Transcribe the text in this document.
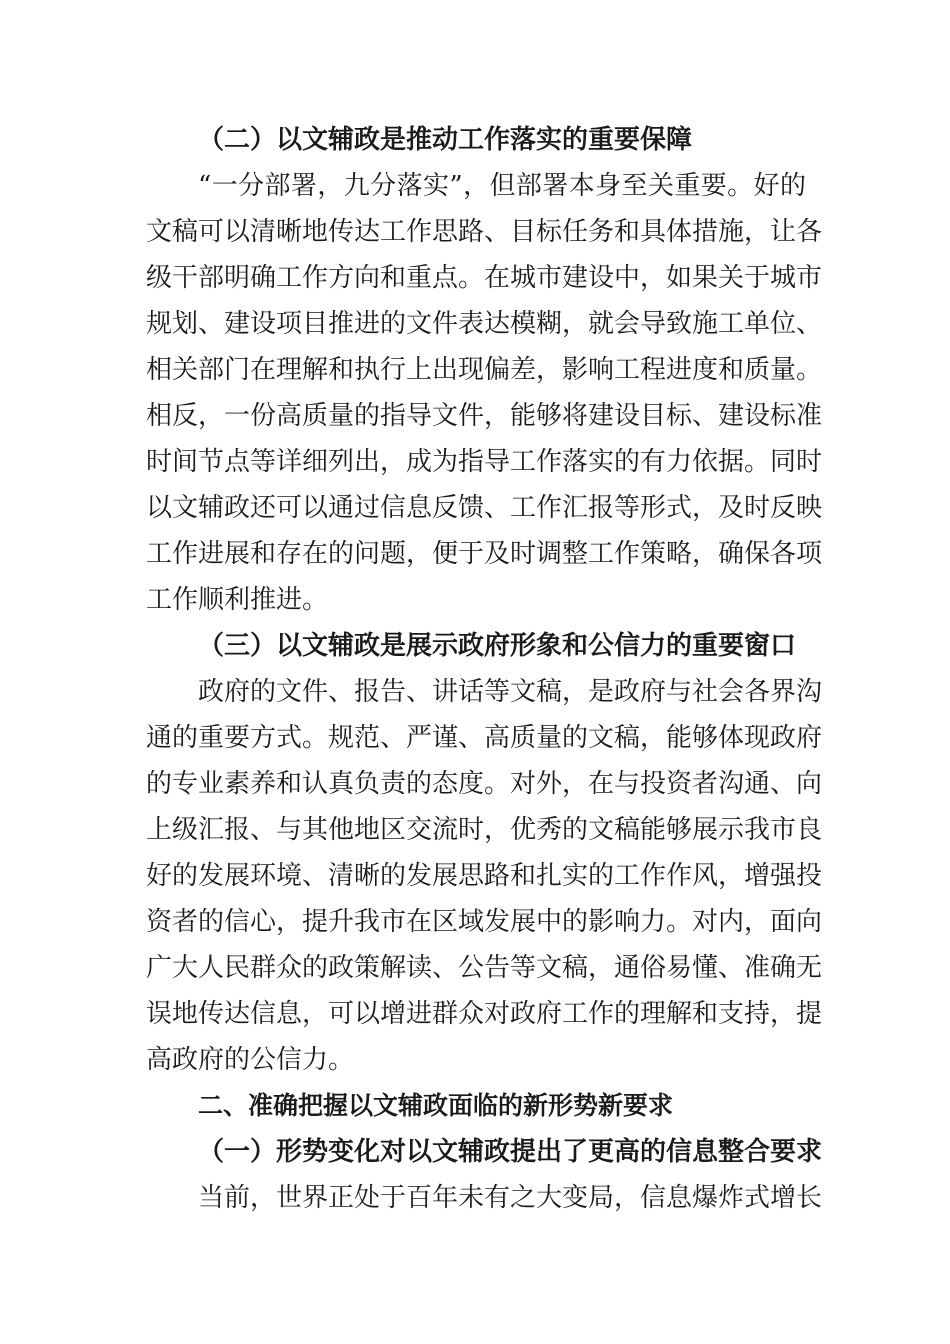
（二）以文辅政是推动工作落实的重要保障
“一分部署，九分落实”，但部署本身至关重要。好的
文稿可以清晰地传达工作思路、目标任务和具体措施，让各
级干部明确工作方向和重点。在城市建设中，如果关于城市
规划、建设项目推进的文件表达模糊，就会导致施工单位、
相关部门在理解和执行上出现偏差，影响工程进度和质量。
相反，一份高质量的指导文件，能够将建设目标、建设标准
时间节点等详细列出，成为指导工作落实的有力依据。同时
以文辅政还可以通过信息反馈、工作汇报等形式，及时反映
工作进展和存在的问题，便于及时调整工作策略，确保各项
工作顺利推进。
（三）以文辅政是展示政府形象和公信力的重要窗口
政府的文件、报告、讲话等文稿，是政府与社会各界沟
通的重要方式。规范、严谨、高质量的文稿，能够体现政府
的专业素养和认真负责的态度。对外，在与投资者沟通、向
上级汇报、与其他地区交流时，优秀的文稿能够展示我市良
好的发展环境、清晰的发展思路和扎实的工作作风，增强投
资者的信心，提升我市在区域发展中的影响力。对内，面向
广大人民群众的政策解读、公告等文稿，通俗易懂、准确无
误地传达信息，可以增进群众对政府工作的理解和支持，提
高政府的公信力。
二、准确把握以文辅政面临的新形势新要求
（一）形势变化对以文辅政提出了更高的信息整合要求
当前，世界正处于百年未有之大变局，信息爆炸式增长
